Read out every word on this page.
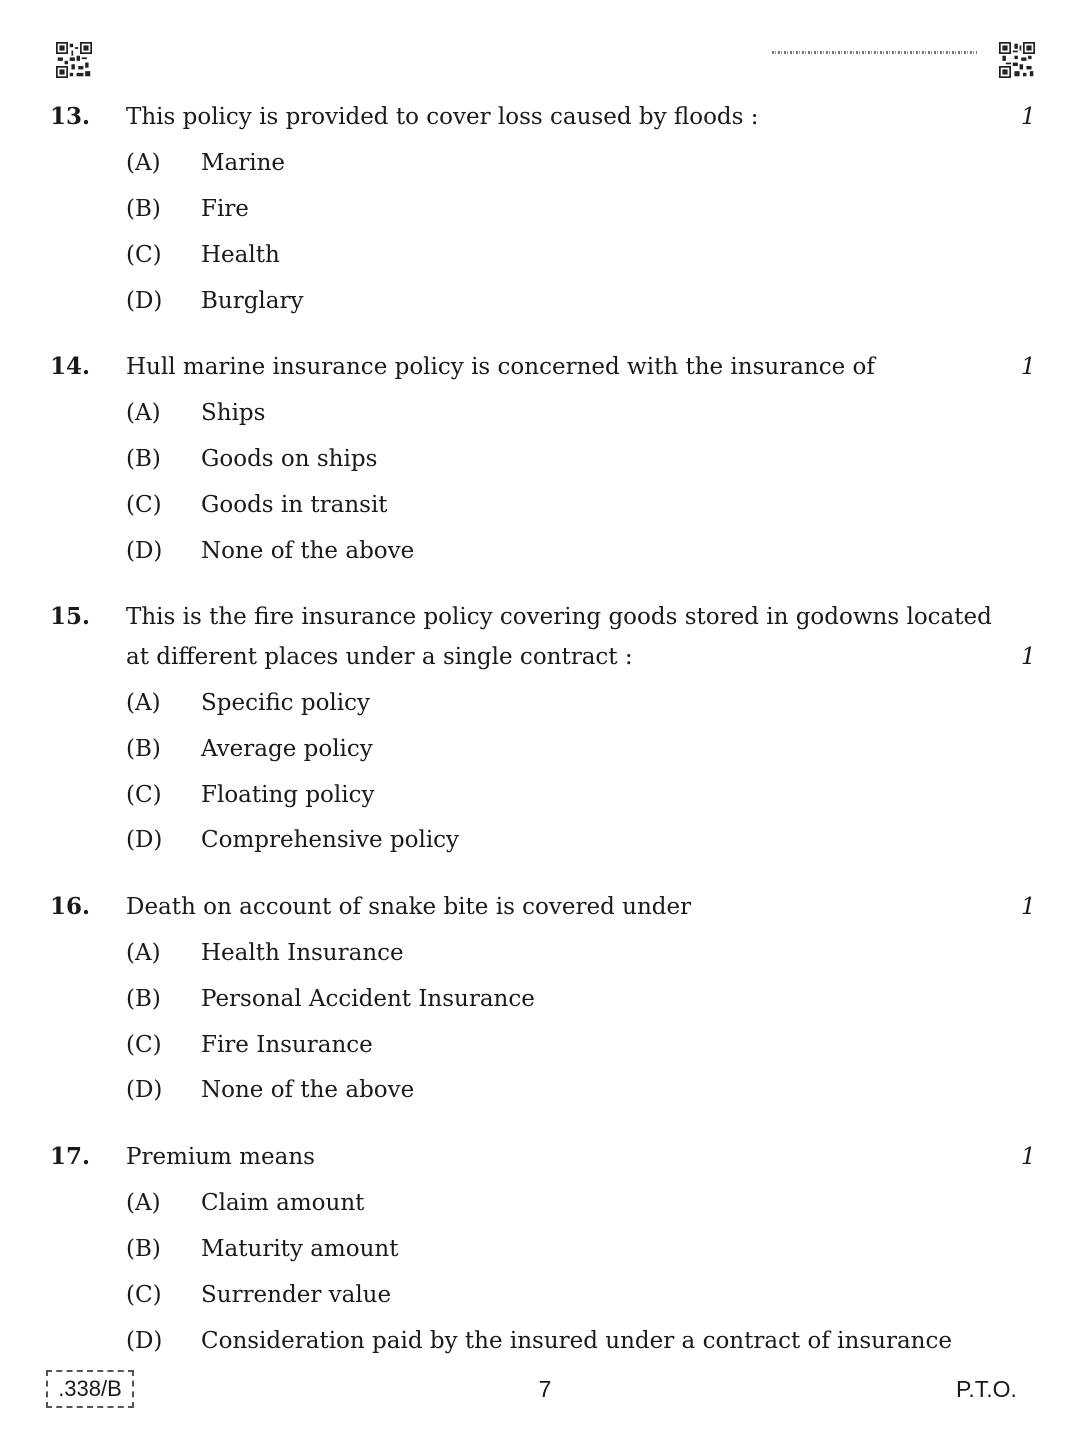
13. This policy is provided to cover loss caused by floods :	1
(A) Marine
(B) Fire
(C) Health
(D) Burglary
14. Hull marine insurance policy is concerned with the insurance of	1
(A) Ships
(B) Goods on ships
(C) Goods in transit
(D) None of the above
15. This is the fire insurance policy covering goods stored in godowns located at different places under a single contract :	1
(A) Specific policy
(B) Average policy
(C) Floating policy
(D) Comprehensive policy
16. Death on account of snake bite is covered under	1
(A) Health Insurance
(B) Personal Accident Insurance
(C) Fire Insurance
(D) None of the above
17. Premium means	1
(A) Claim amount
(B) Maturity amount
(C) Surrender value
(D) Consideration paid by the insured under a contract of insurance
.338/B	7	P.T.O.
